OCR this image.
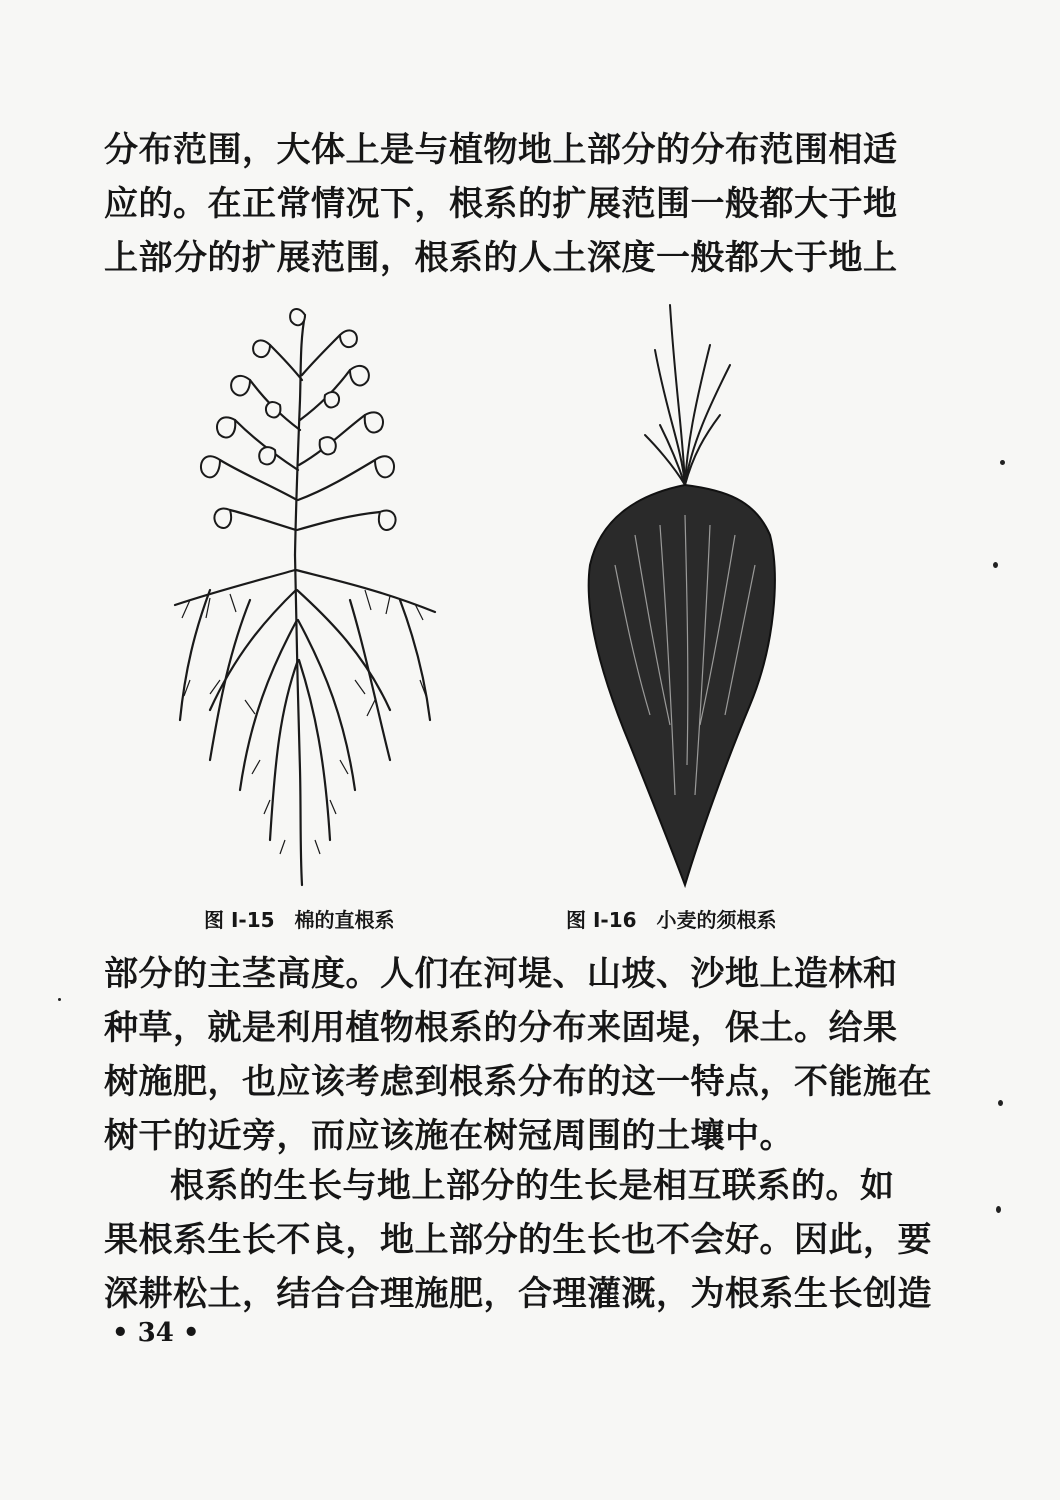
分布范围，大体上是与植物地上部分的分布范围相适
应的。在正常情况下，根系的扩展范围一般都大于地
上部分的扩展范围，根系的人土深度一般都大于地上
图 I-15　棉的直根系	图 I-16　小麦的须根系
部分的主茎高度。人们在河堤、山坡、沙地上造林和
种草，就是利用植物根系的分布来固堤，保土。给果
树施肥，也应该考虑到根系分布的这一特点，不能施在
树干的近旁，而应该施在树冠周围的土壤中。
根系的生长与地上部分的生长是相互联系的。如
果根系生长不良，地上部分的生长也不会好。因此，要
深耕松土，结合合理施肥，合理灌溉，为根系生长创造
• 34 •
